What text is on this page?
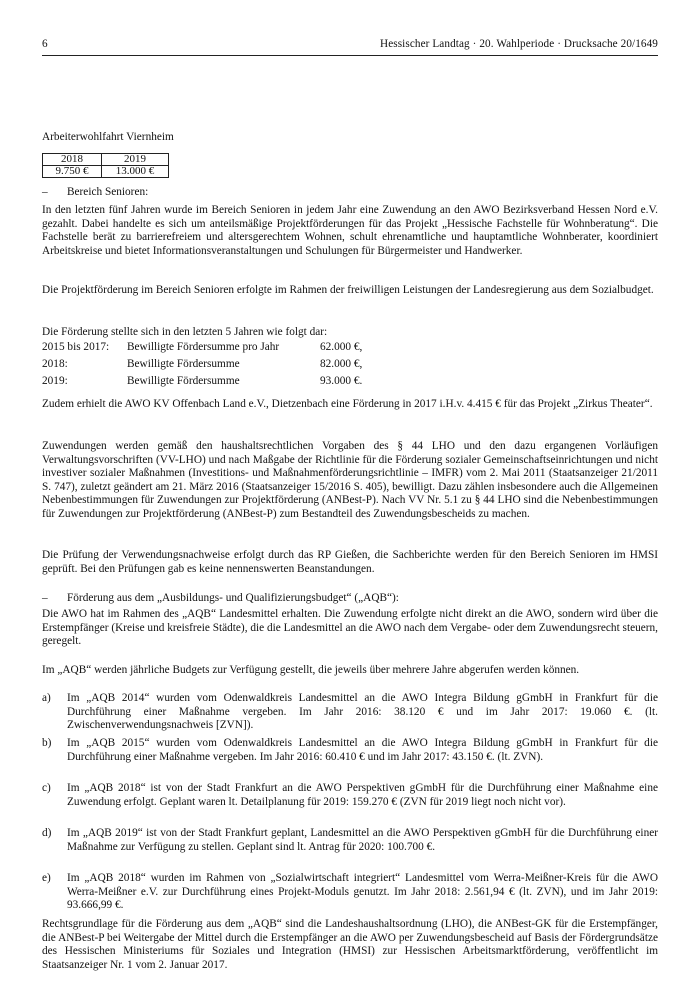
6	Hessischer Landtag · 20. Wahlperiode · Drucksache 20/1649
Arbeiterwohlfahrt Viernheim
2018	2019
9.750 €	13.000 €
– Bereich Senioren:

In den letzten fünf Jahren wurde im Bereich Senioren in jedem Jahr eine Zuwendung an den AWO Bezirksverband Hessen Nord e.V. gezahlt. Dabei handelte es sich um anteilsmäßige Projektförderungen für das Projekt „Hessische Fachstelle für Wohnberatung“. Die Fachstelle berät zu barrierefreiem und altersgerechtem Wohnen, schult ehrenamtliche und hauptamtliche Wohnberater, koordiniert Arbeitskreise und bietet Informationsveranstaltungen und Schulungen für Bürgermeister und Handwerker.

Die Projektförderung im Bereich Senioren erfolgte im Rahmen der freiwilligen Leistungen der Landesregierung aus dem Sozialbudget.

Die Förderung stellte sich in den letzten 5 Jahren wie folgt dar:

2015 bis 2017: Bewilligte Fördersumme pro Jahr	62.000 €,
2018:	Bewilligte Fördersumme	82.000 €,
2019:	Bewilligte Fördersumme	93.000 €.

Zudem erhielt die AWO KV Offenbach Land e.V., Dietzenbach eine Förderung in 2017 i.H.v. 4.415 € für das Projekt „Zirkus Theater“.

Zuwendungen werden gemäß den haushaltsrechtlichen Vorgaben des § 44 LHO und den dazu ergangenen Vorläufigen Verwaltungsvorschriften (VV-LHO) und nach Maßgabe der Richtlinie für die Förderung sozialer Gemeinschaftseinrichtungen und nicht investiver sozialer Maßnahmen (Investitions- und Maßnahmenförderungsrichtlinie – IMFR) vom 2. Mai 2011 (Staatsanzeiger 21/2011 S. 747), zuletzt geändert am 21. März 2016 (Staatsanzeiger 15/2016 S. 405), bewilligt. Dazu zählen insbesondere auch die Allgemeinen Nebenbestimmungen für Zuwendungen zur Projektförderung (ANBest-P). Nach VV Nr. 5.1 zu § 44 LHO sind die Nebenbestimmungen für Zuwendungen zur Projektförderung (ANBest-P) zum Bestandteil des Zuwendungsbescheids zu machen.

Die Prüfung der Verwendungsnachweise erfolgt durch das RP Gießen, die Sachberichte werden für den Bereich Senioren im HMSI geprüft. Bei den Prüfungen gab es keine nennenswerten Beanstandungen.

– Förderung aus dem „Ausbildungs- und Qualifizierungsbudget“ („AQB“):

Die AWO hat im Rahmen des „AQB“ Landesmittel erhalten. Die Zuwendung erfolgte nicht direkt an die AWO, sondern wird über die Erstempfänger (Kreise und kreisfreie Städte), die die Landesmittel an die AWO nach dem Vergabe- oder dem Zuwendungsrecht steuern, geregelt.

Im „AQB“ werden jährliche Budgets zur Verfügung gestellt, die jeweils über mehrere Jahre abgerufen werden können.

a) Im „AQB 2014“ wurden vom Odenwaldkreis Landesmittel an die AWO Integra Bildung gGmbH in Frankfurt für die Durchführung einer Maßnahme vergeben. Im Jahr 2016: 38.120 € und im Jahr 2017: 19.060 €. (lt. Zwischenverwendungsnachweis [ZVN]).

b) Im „AQB 2015“ wurden vom Odenwaldkreis Landesmittel an die AWO Integra Bildung gGmbH in Frankfurt für die Durchführung einer Maßnahme vergeben. Im Jahr 2016: 60.410 € und im Jahr 2017: 43.150 €. (lt. ZVN).

c) Im „AQB 2018“ ist von der Stadt Frankfurt an die AWO Perspektiven gGmbH für die Durchführung einer Maßnahme eine Zuwendung erfolgt. Geplant waren lt. Detailplanung für 2019: 159.270 € (ZVN für 2019 liegt noch nicht vor).

d) Im „AQB 2019“ ist von der Stadt Frankfurt geplant, Landesmittel an die AWO Perspektiven gGmbH für die Durchführung einer Maßnahme zur Verfügung zu stellen. Geplant sind lt. Antrag für 2020: 100.700 €.

e) Im „AQB 2018“ wurden im Rahmen von „Sozialwirtschaft integriert“ Landesmittel vom Werra-Meißner-Kreis für die AWO Werra-Meißner e.V. zur Durchführung eines Projekt-Moduls genutzt. Im Jahr 2018: 2.561,94 € (lt. ZVN), und im Jahr 2019: 93.666,99 €.

Rechtsgrundlage für die Förderung aus dem „AQB“ sind die Landeshaushaltsordnung (LHO), die ANBest-GK für die Erstempfänger, die ANBest-P bei Weitergabe der Mittel durch die Erstempfänger an die AWO per Zuwendungsbescheid auf Basis der Fördergrundsätze des Hessischen Ministeriums für Soziales und Integration (HMSI) zur Hessischen Arbeitsmarktförderung, veröffentlicht im Staatsanzeiger Nr. 1 vom 2. Januar 2017.
